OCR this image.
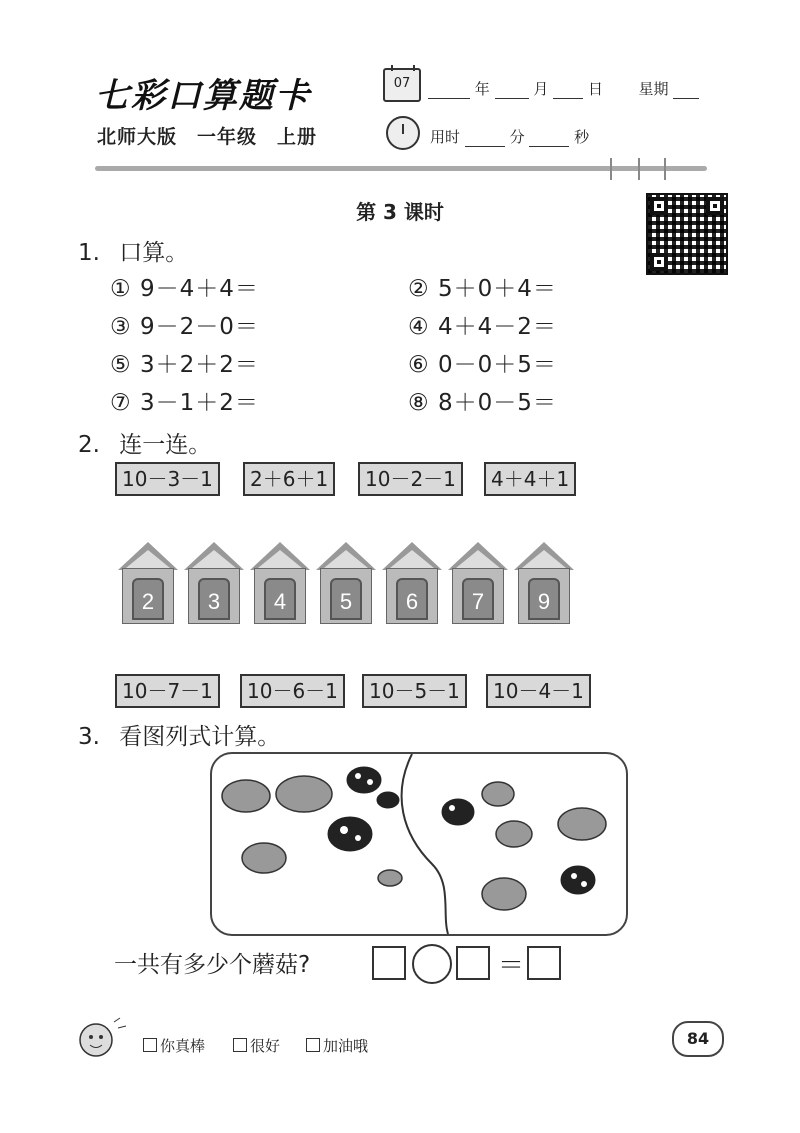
七彩口算题卡	07	年	月	日 星期
北师大版　一年级　上册	用时	分	秒
第 3 课时
1. 口算。
① 9－4＋4＝	② 5＋0＋4＝
③ 9－2－0＝	④ 4＋4－2＝
⑤ 3＋2＋2＝	⑥ 0－0＋5＝
⑦ 3－1＋2＝	⑧ 8＋0－5＝
2. 连一连。
10－3－1	2＋6＋1	10－2－1	4＋4＋1
2	3	4	5	6	7	9
10－7－1	10－6－1	10－5－1	10－4－1
3. 看图列式计算。
一共有多少个蘑菇?	＝
你真棒	很好	加油哦	84
